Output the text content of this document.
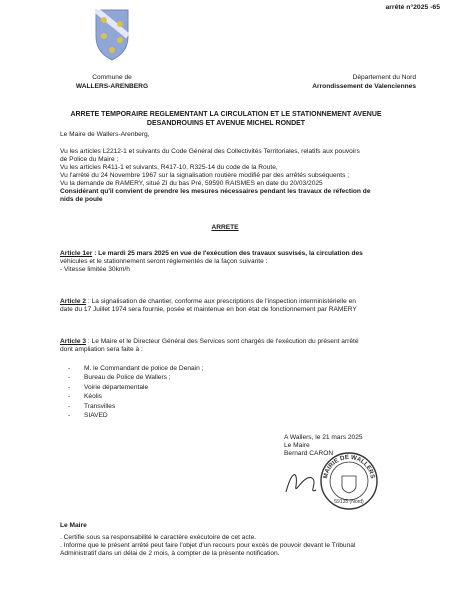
arrêté n°2025 -65
Commune de
WALLERS-ARENBERG
Département du Nord
Arrondissement de Valenciennes
ARRETE TEMPORAIRE REGLEMENTANT LA CIRCULATION ET LE STATIONNEMENT AVENUE
DESANDROUINS ET AVENUE MICHEL RONDET
Le Maire de Wallers-Arenberg,
Vu les articles L2212-1 et suivants du Code Général des Collectivités Territoriales, relatifs aux pouvoirs
de Police du Maire ;
Vu les articles R411-1 et suivants, R417-10, R325-14 du code de la Route,
Vu l'arrêté du 24 Novembre 1967 sur la signalisation routière modifié par des arrêtés subséquents ;
Vu la demande de RAMERY, situé ZI du bas Pré, 59590 RAISMES en date du 20/03/2025
Considérant qu'il convient de prendre les mesures nécessaires pendant les travaux de réfection de
nids de poule
ARRETE
Article 1er : Le mardi 25 mars 2025 en vue de l'exécution des travaux susvisés, la circulation des
véhicules et le stationnement seront réglementés de la façon suivante :
- Vitesse limitée 30km/h
Article 2 : La signalisation de chantier, conforme aux prescriptions de l'inspection interministérielle en
date du 17 Juillet 1974 sera fournie, posée et maintenue en bon état de fonctionnement par RAMERY
Article 3 : Le Maire et le Directeur Général des Services sont chargés de l'exécution du présent arrêté
dont ampliation sera faite à :
- M. le Commandant de police de Denain ;
- Bureau de Police de Wallers ;
- Voirie départementale
- Kéolis
- Transvilles
- SIAVED
A Wallers, le 21 mars 2025
Le Maire
Bernard CARON
MAIRIE DE WALLERS
59135 (Nord)
Le Maire
. Certifie sous sa responsabilité le caractère exécutoire de cet acte.
. Informe que le présent arrêté peut faire l'objet d'un recours pour excès de pouvoir devant le Tribunal
Administratif dans un délai de 2 mois, à compter de la présente notification.
